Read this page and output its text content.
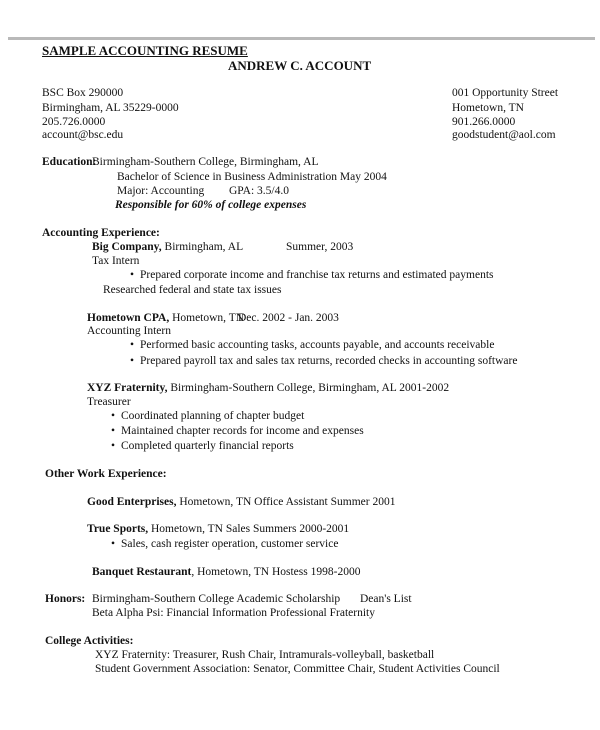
SAMPLE ACCOUNTING RESUME
ANDREW C. ACCOUNT
BSC Box 290000
Birmingham, AL 35229-0000
205.726.0000
account@bsc.edu
001 Opportunity Street
Hometown, TN
901.266.0000
goodstudent@aol.com
Education:
Birmingham-Southern College, Birmingham, AL
Bachelor of Science in Business Administration May 2004
Major: Accounting GPA: 3.5/4.0
Responsible for 60% of college expenses
Accounting Experience:
Big Company, Birmingham, AL	Summer, 2003
Tax Intern
• Prepared corporate income and franchise tax returns and estimated payments
Researched federal and state tax issues
Hometown CPA, Hometown, TN
Dec. 2002 - Jan. 2003
Accounting Intern
• Performed basic accounting tasks, accounts payable, and accounts receivable
• Prepared payroll tax and sales tax returns, recorded checks in accounting software
XYZ Fraternity, Birmingham-Southern College, Birmingham, AL 2001-2002
Treasurer
• Coordinated planning of chapter budget
• Maintained chapter records for income and expenses
• Completed quarterly financial reports
Other Work Experience:
Good Enterprises, Hometown, TN Office Assistant Summer 2001
True Sports, Hometown, TN Sales Summers 2000-2001
• Sales, cash register operation, customer service
Banquet Restaurant, Hometown, TN Hostess 1998-2000
Honors: Birmingham-Southern College Academic Scholarship
Beta Alpha Psi: Financial Information Professional Fraternity
Dean's List
College Activities:
XYZ Fraternity: Treasurer, Rush Chair, Intramurals-volleyball, basketball
Student Government Association: Senator, Committee Chair, Student Activities Council
